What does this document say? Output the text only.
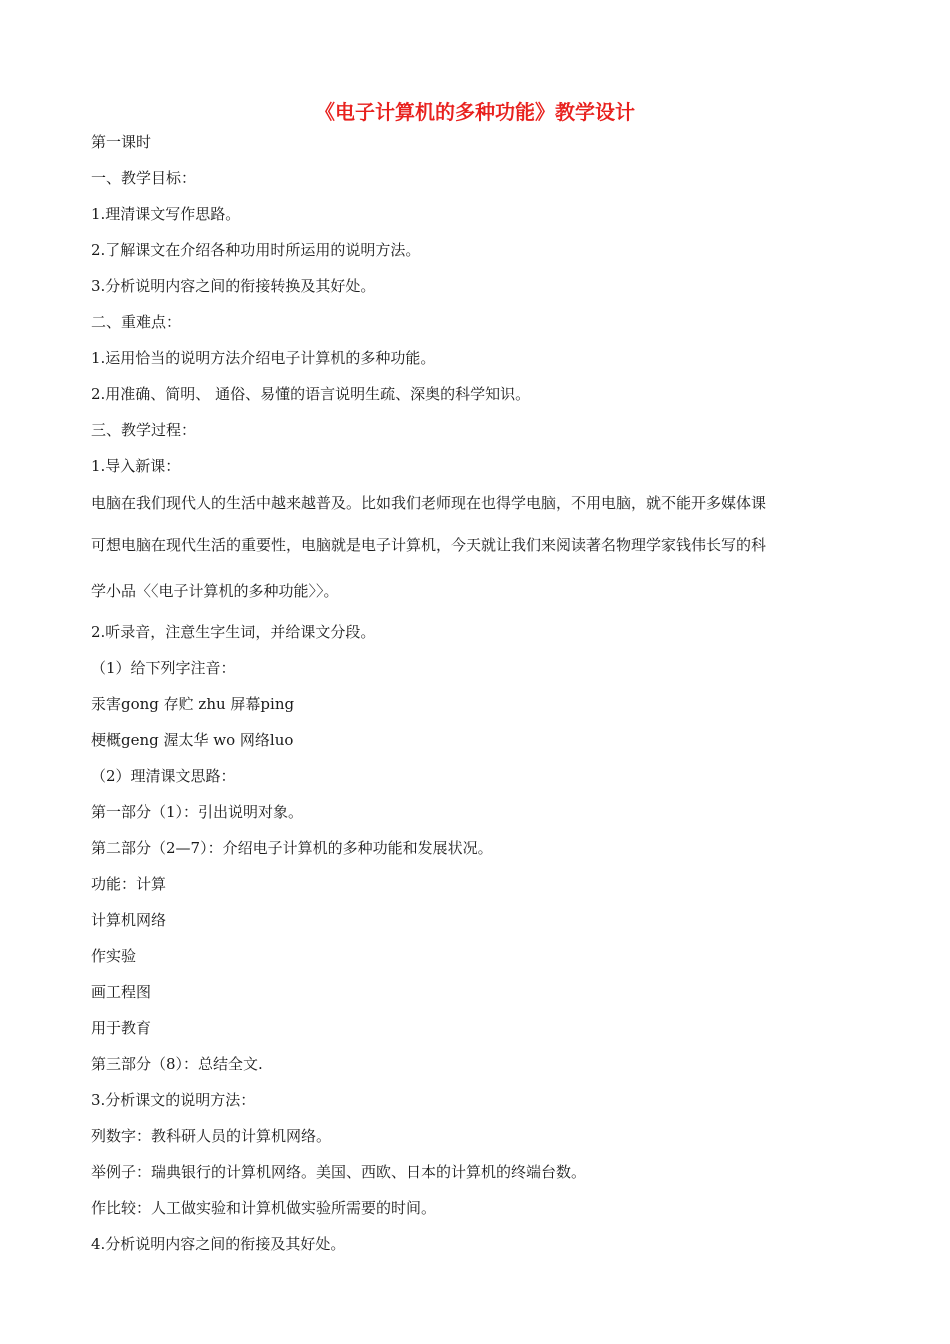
《电子计算机的多种功能》教学设计

第一课时

一、教学目标：

1.理清课文写作思路。

2.了解课文在介绍各种功用时所运用的说明方法。

3.分析说明内容之间的衔接转换及其好处。

二、重难点：

1.运用恰当的说明方法介绍电子计算机的多种功能。

2.用准确、简明、 通俗、易懂的语言说明生疏、深奥的科学知识。

三、教学过程：

1.导入新课：

电脑在我们现代人的生活中越来越普及。比如我们老师现在也得学电脑，不用电脑，就不能开多媒体课

可想电脑在现代生活的重要性，电脑就是电子计算机，今天就让我们来阅读著名物理学家钱伟长写的科

学小品〈〈电子计算机的多种功能〉〉。

2.听录音，注意生字生词，并给课文分段。

（1）给下列字注音：

汞害gong 存贮 zhu 屏幕ping

梗概geng 渥太华 wo 网络luo

（2）理清课文思路：

第一部分（1）：引出说明对象。

第二部分（2—7）：介绍电子计算机的多种功能和发展状况。

功能：计算

计算机网络

作实验

画工程图

用于教育

第三部分（8）：总结全文.

3.分析课文的说明方法：

列数字：教科研人员的计算机网络。

举例子：瑞典银行的计算机网络。美国、西欧、日本的计算机的终端台数。

作比较：人工做实验和计算机做实验所需要的时间。

4.分析说明内容之间的衔接及其好处。
